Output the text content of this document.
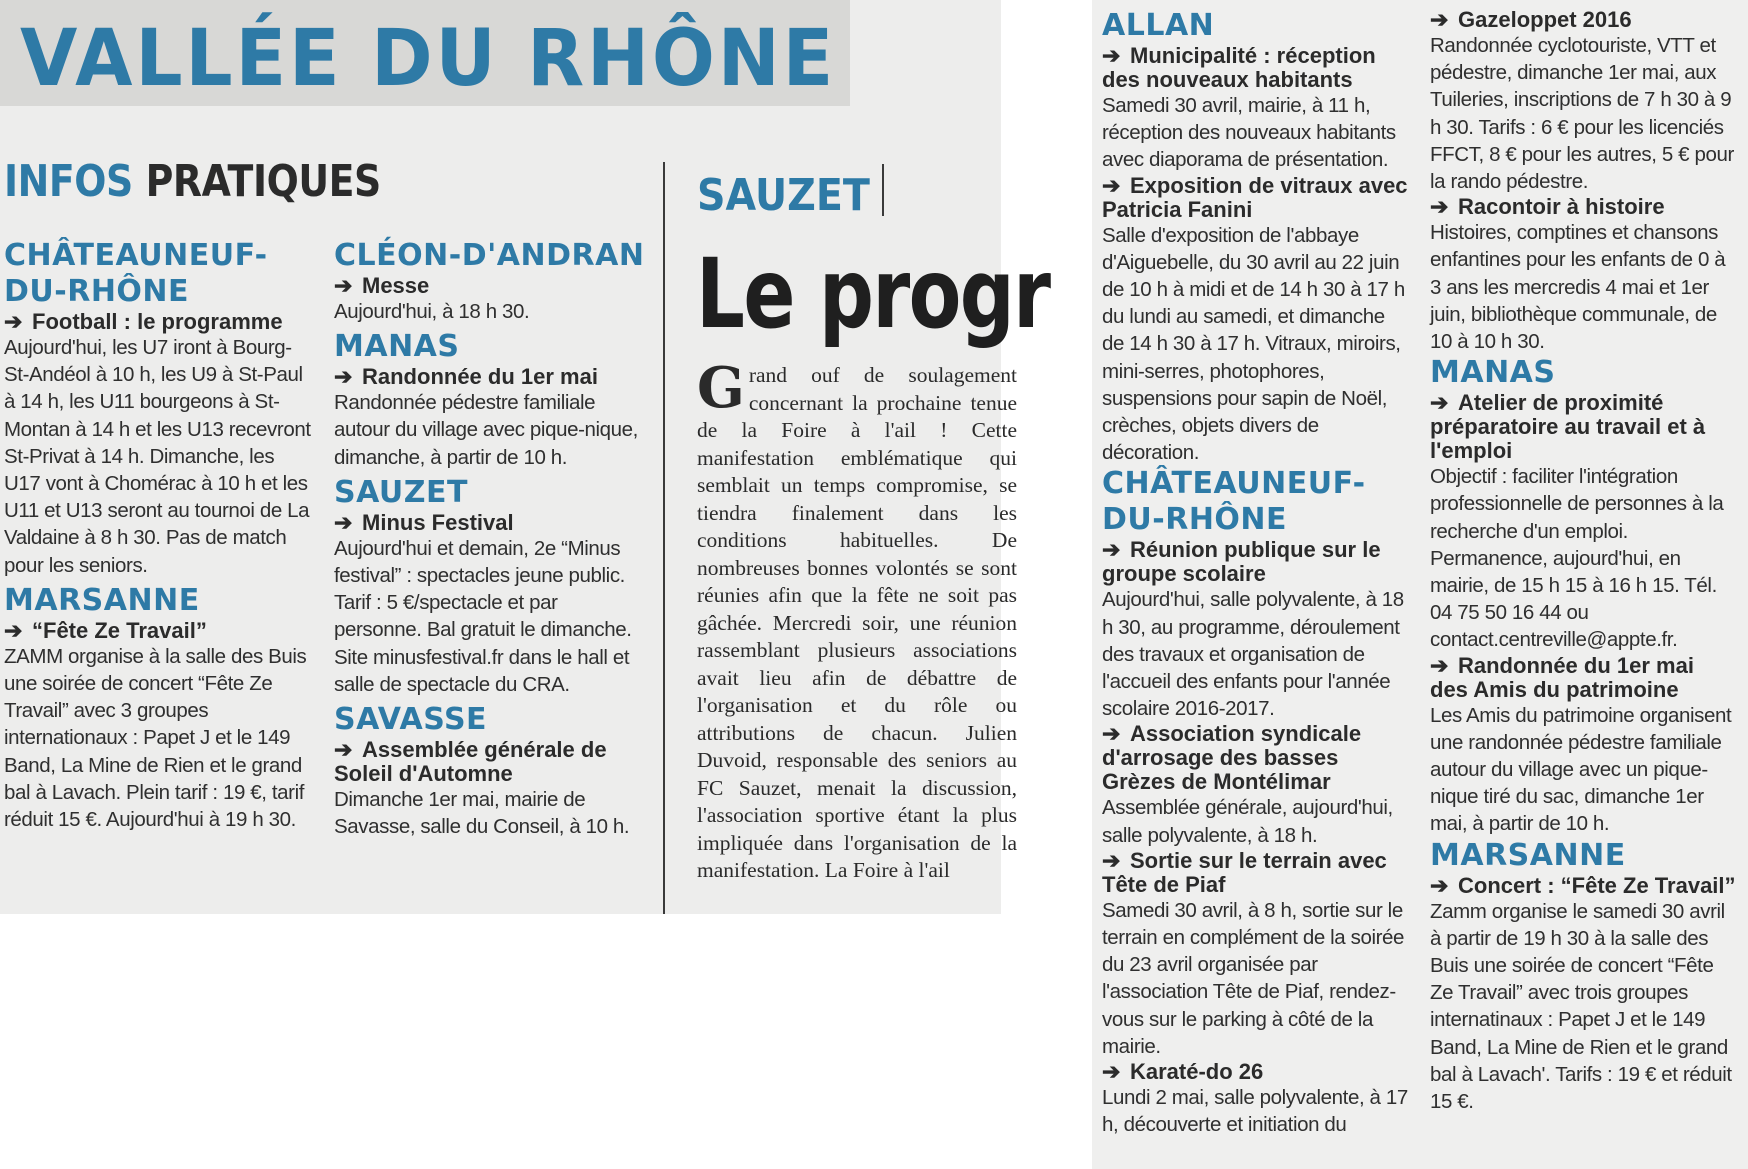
VALLÉE DU RHÔNE
INFOS PRATIQUES
CHÂTEAUNEUF-
DU-RHÔNE
➔ Football : le programme
Aujourd'hui, les U7 iront à Bourg-St-Andéol à 10 h, les U9 à St-Paul à 14 h, les U11 bourgeons à St-Montan à 14 h et les U13 recevront St-Privat à 14 h. Dimanche, les U17 vont à Chomérac à 10 h et les U11 et U13 seront au tournoi de La Valdaine à 8 h 30. Pas de match pour les seniors.
MARSANNE
➔ “Fête Ze Travail”
ZAMM organise à la salle des Buis une soirée de concert “Fête Ze Travail” avec 3 groupes internationaux : Papet J et le 149 Band, La Mine de Rien et le grand bal à Lavach. Plein tarif : 19 €, tarif réduit 15 €. Aujourd'hui à 19 h 30.
CLÉON-D'ANDRAN
➔ Messe
Aujourd'hui, à 18 h 30.
MANAS
➔ Randonnée du 1er mai
Randonnée pédestre familiale autour du village avec pique-nique, dimanche, à partir de 10 h.
SAUZET
➔ Minus Festival
Aujourd'hui et demain, 2e “Minus festival” : spectacles jeune public. Tarif : 5 €/spectacle et par personne. Bal gratuit le dimanche. Site minusfestival.fr dans le hall et salle de spectacle du CRA.
SAVASSE
➔ Assemblée générale de Soleil d'Automne
Dimanche 1er mai, mairie de Savasse, salle du Conseil, à 10 h.
SAUZET
Le progr
Grand ouf de soulagement concernant la prochaine tenue de la Foire à l'ail ! Cette manifestation emblématique qui semblait un temps compromise, se tiendra finalement dans les conditions habituelles. De nombreuses bonnes volontés se sont réunies afin que la fête ne soit pas gâchée. Mercredi soir, une réunion rassemblant plusieurs associations avait lieu afin de débattre de l'organisation et du rôle ou attributions de chacun. Julien Duvoid, responsable des seniors au FC Sauzet, menait la discussion, l'association sportive étant la plus impliquée dans l'organisation de la manifestation. La Foire à l'ail
ALLAN
➔ Municipalité : réception des nouveaux habitants
Samedi 30 avril, mairie, à 11 h, réception des nouveaux habitants avec diaporama de présentation.
➔ Exposition de vitraux avec Patricia Fanini
Salle d'exposition de l'abbaye d'Aiguebelle, du 30 avril au 22 juin de 10 h à midi et de 14 h 30 à 17 h du lundi au samedi, et dimanche de 14 h 30 à 17 h. Vitraux, miroirs, mini-serres, photophores, suspensions pour sapin de Noël, crèches, objets divers de décoration.
CHÂTEAUNEUF-
DU-RHÔNE
➔ Réunion publique sur le groupe scolaire
Aujourd'hui, salle polyvalente, à 18 h 30, au programme, déroulement des travaux et organisation de l'accueil des enfants pour l'année scolaire 2016-2017.
➔ Association syndicale d'arrosage des basses Grèzes de Montélimar
Assemblée générale, aujourd'hui, salle polyvalente, à 18 h.
➔ Sortie sur le terrain avec Tête de Piaf
Samedi 30 avril, à 8 h, sortie sur le terrain en complément de la soirée du 23 avril organisée par l'association Tête de Piaf, rendez-vous sur le parking à côté de la mairie.
➔ Karaté-do 26
Lundi 2 mai, salle polyvalente, à 17 h, découverte et initiation du
➔ Gazeloppet 2016
Randonnée cyclotouriste, VTT et pédestre, dimanche 1er mai, aux Tuileries, inscriptions de 7 h 30 à 9 h 30. Tarifs : 6 € pour les licenciés FFCT, 8 € pour les autres, 5 € pour la rando pédestre.
➔ Racontoir à histoire
Histoires, comptines et chansons enfantines pour les enfants de 0 à 3 ans les mercredis 4 mai et 1er juin, bibliothèque communale, de 10 à 10 h 30.
MANAS
➔ Atelier de proximité préparatoire au travail et à l'emploi
Objectif : faciliter l'intégration professionnelle de personnes à la recherche d'un emploi. Permanence, aujourd'hui, en mairie, de 15 h 15 à 16 h 15. Tél. 04 75 50 16 44 ou contact.centreville@appte.fr.
➔ Randonnée du 1er mai des Amis du patrimoine
Les Amis du patrimoine organisent une randonnée pédestre familiale autour du village avec un pique-nique tiré du sac, dimanche 1er mai, à partir de 10 h.
MARSANNE
➔ Concert : “Fête Ze Travail”
Zamm organise le samedi 30 avril à partir de 19 h 30 à la salle des Buis une soirée de concert “Fête Ze Travail” avec trois groupes internatinaux : Papet J et le 149 Band, La Mine de Rien et le grand bal à Lavach'. Tarifs : 19 € et réduit 15 €.
